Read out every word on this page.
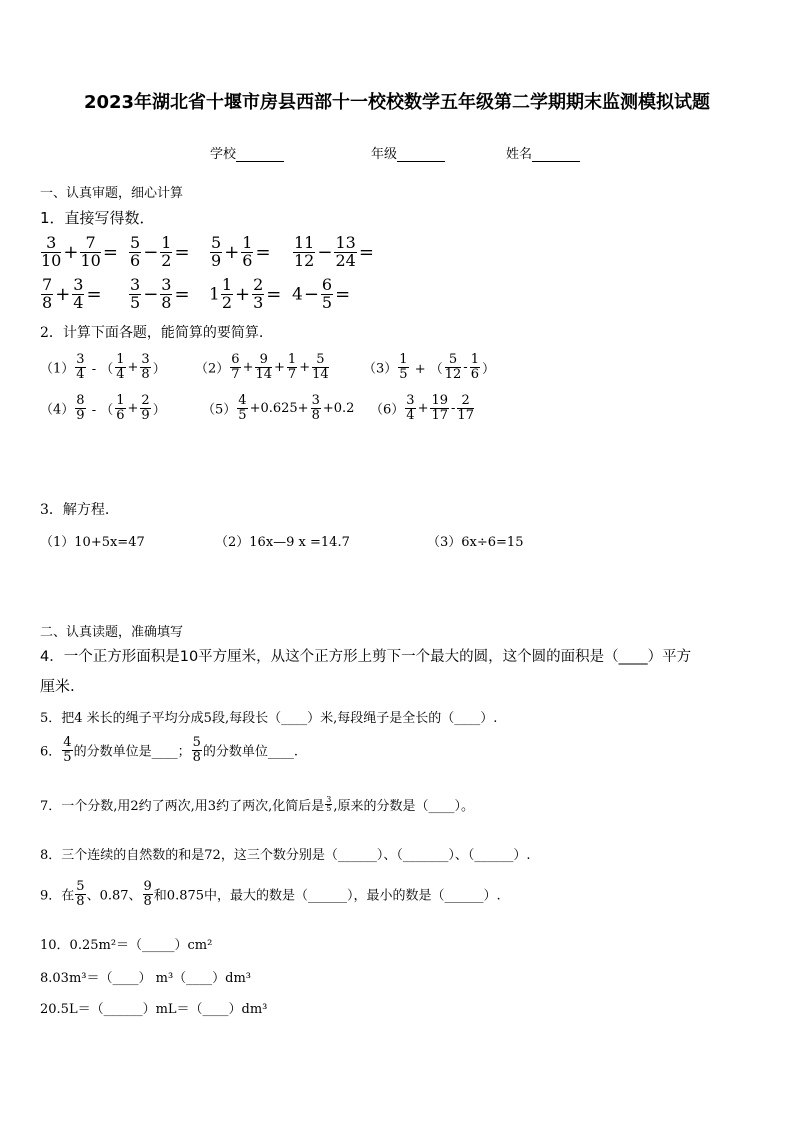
2023年湖北省十堰市房县西部十一校校数学五年级第二学期期末监测模拟试题
学校	年级	姓名
一、认真审题，细心计算
1．直接写得数．
$\frac{3}{10} + \frac{7}{10} = \frac{5}{6} - \frac{1}{2} = \frac{5}{9} + \frac{1}{6} = \frac{11}{12} - \frac{13}{24}$ =
$\frac{7}{8} + \frac{3}{4} = \frac{3}{5} - \frac{3}{8} = 1 \frac{1}{2} + \frac{2}{3} = 4- \frac{6}{5}$ =
2．计算下面各题，能简算的要简算.
$(1) \frac{3}{4}$ - （ $\frac{1}{4} + \frac{3}{8}$ ） $(2) \frac{6}{7} + \frac{9}{14} + \frac{1}{7} + \frac{5}{14}$	$(3) \frac{1}{5}$ + （ $\frac{5}{12} - \frac{1}{6}$ ）
$(4) \frac{8}{9}$ - （ $\frac{1}{6} + \frac{2}{9}$ ）	$(5) \frac{4}{5} +0.625+ \frac{3}{8} +0.2$ $(6) \frac{3}{4} + \frac{19}{17} - \frac{2}{17}$
3．解方程.
（1）10+5x=47	（2）16x—9 x =14.7	（3）6x÷6=15
二、认真读题，准确填写
4．一个正方形面积是10平方厘米，从这个正方形上剪下一个最大的圆，这个圆的面积是（____）平方
厘米.
5．把4 米长的绳子平均分成5段,每段长（____）米,每段绳子是全长的（____）.
6． $\frac{4}{5}$ 的分数单位是____； $\frac{5}{8}$ 的分数单位____.
7．一个分数,用2约了两次,用3约了两次,化简后是 $\frac{3}{5}$ ,原来的分数是（____）。
8．三个连续的自然数的和是72，这三个数分别是（______）、（_______）、（______）.
9．在 $\frac{5}{8}$ 、0.87、 $\frac{9}{8}$ 和0.875中，最大的数是（______），最小的数是（______）.
10．0.25m²＝（_____）cm²
8.03m³＝（____） m³（____）dm³
20.5L＝（______）mL＝（____）dm³
